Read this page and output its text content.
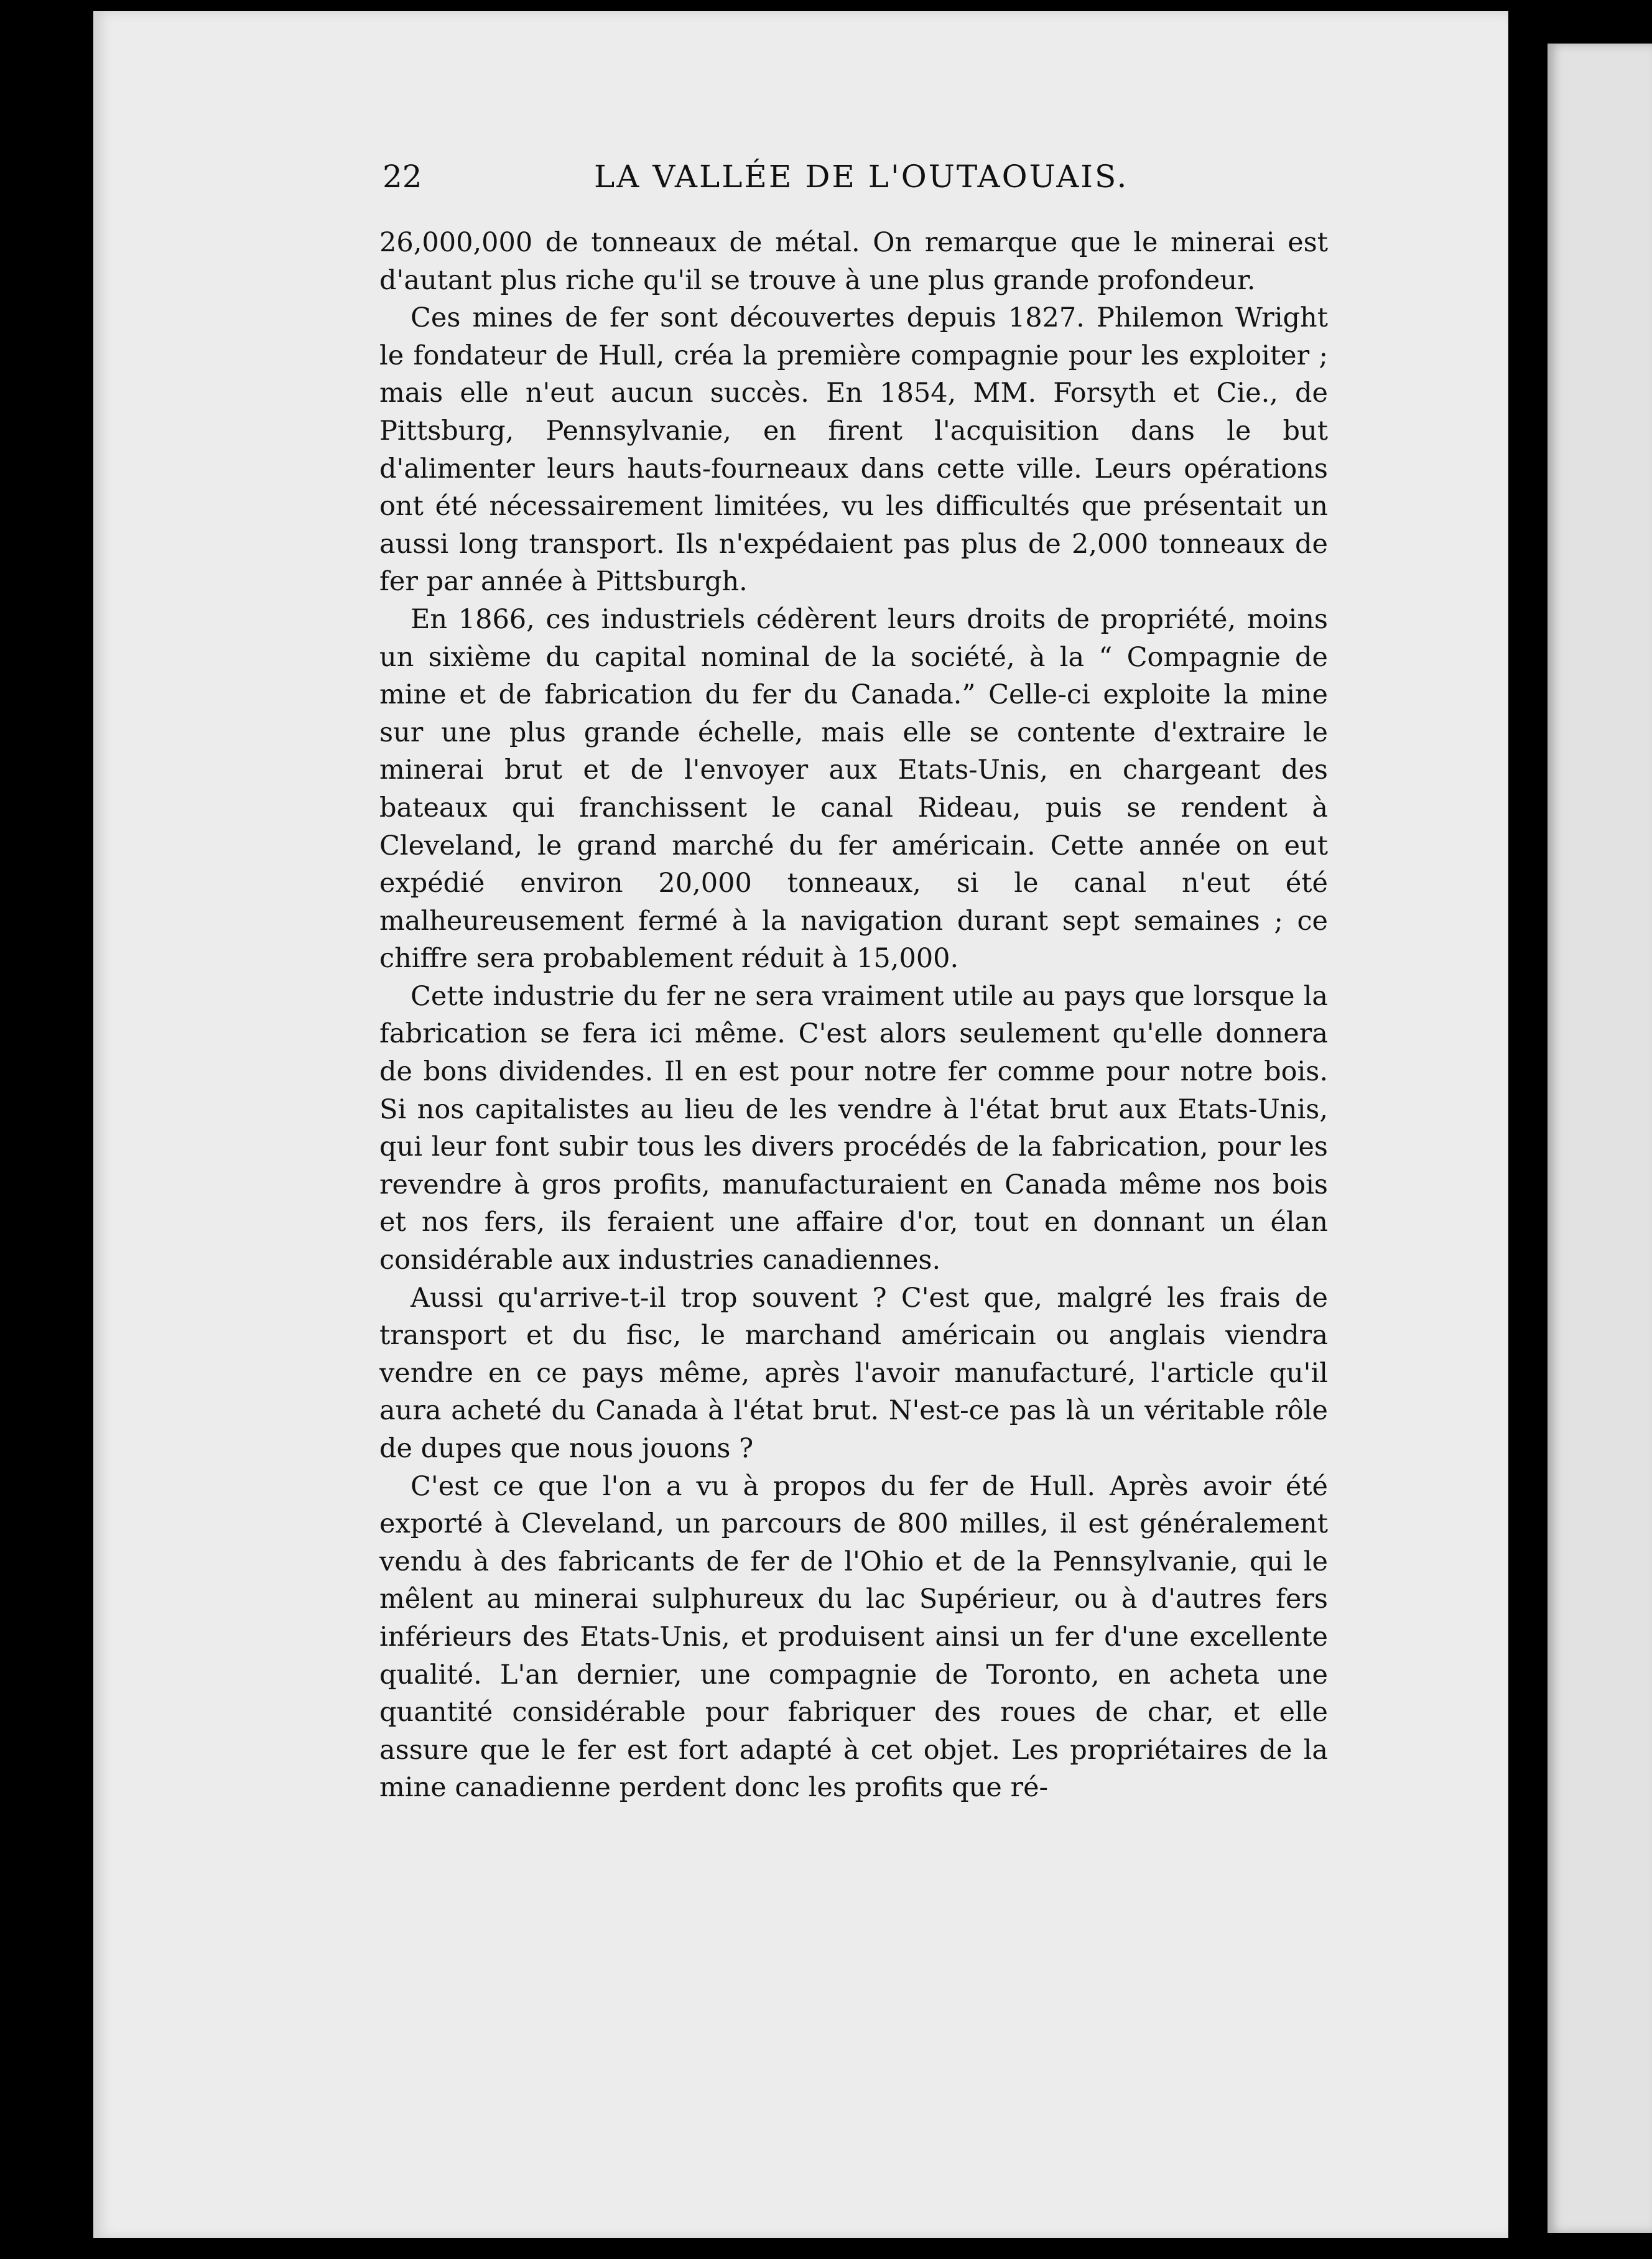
22	LA VALLÉE DE L'OUTAOUAIS.

26,000,000 de tonneaux de métal. On remarque que le minerai est d'autant plus riche qu'il se trouve à une plus grande profondeur.

Ces mines de fer sont découvertes depuis 1827. Philemon Wright le fondateur de Hull, créa la première compagnie pour les exploiter ; mais elle n'eut aucun succès. En 1854, MM. Forsyth et Cie., de Pittsburg, Pennsylvanie, en firent l'acquisition dans le but d'alimenter leurs hauts-fourneaux dans cette ville. Leurs opérations ont été nécessairement limitées, vu les difficultés que présentait un aussi long transport. Ils n'expédaient pas plus de 2,000 tonneaux de fer par année à Pittsburgh.

En 1866, ces industriels cédèrent leurs droits de propriété, moins un sixième du capital nominal de la société, à la “ Compagnie de mine et de fabrication du fer du Canada.” Celle-ci exploite la mine sur une plus grande échelle, mais elle se contente d'extraire le minerai brut et de l'envoyer aux Etats-Unis, en chargeant des bateaux qui franchissent le canal Rideau, puis se rendent à Cleveland, le grand marché du fer américain. Cette année on eut expédié environ 20,000 tonneaux, si le canal n'eut été malheureusement fermé à la navigation durant sept semaines ; ce chiffre sera probablement réduit à 15,000.

Cette industrie du fer ne sera vraiment utile au pays que lorsque la fabrication se fera ici même. C'est alors seulement qu'elle donnera de bons dividendes. Il en est pour notre fer comme pour notre bois. Si nos capitalistes au lieu de les vendre à l'état brut aux Etats-Unis, qui leur font subir tous les divers procédés de la fabrication, pour les revendre à gros profits, manufacturaient en Canada même nos bois et nos fers, ils feraient une affaire d'or, tout en donnant un élan considérable aux industries canadiennes.

Aussi qu'arrive-t-il trop souvent ? C'est que, malgré les frais de transport et du fisc, le marchand américain ou anglais viendra vendre en ce pays même, après l'avoir manufacturé, l'article qu'il aura acheté du Canada à l'état brut. N'est-ce pas là un véritable rôle de dupes que nous jouons ?

C'est ce que l'on a vu à propos du fer de Hull. Après avoir été exporté à Cleveland, un parcours de 800 milles, il est généralement vendu à des fabricants de fer de l'Ohio et de la Pennsylvanie, qui le mêlent au minerai sulphureux du lac Supérieur, ou à d'autres fers inférieurs des Etats-Unis, et produisent ainsi un fer d'une excellente qualité. L'an dernier, une compagnie de Toronto, en acheta une quantité considérable pour fabriquer des roues de char, et elle assure que le fer est fort adapté à cet objet. Les propriétaires de la mine canadienne perdent donc les profits que ré-
